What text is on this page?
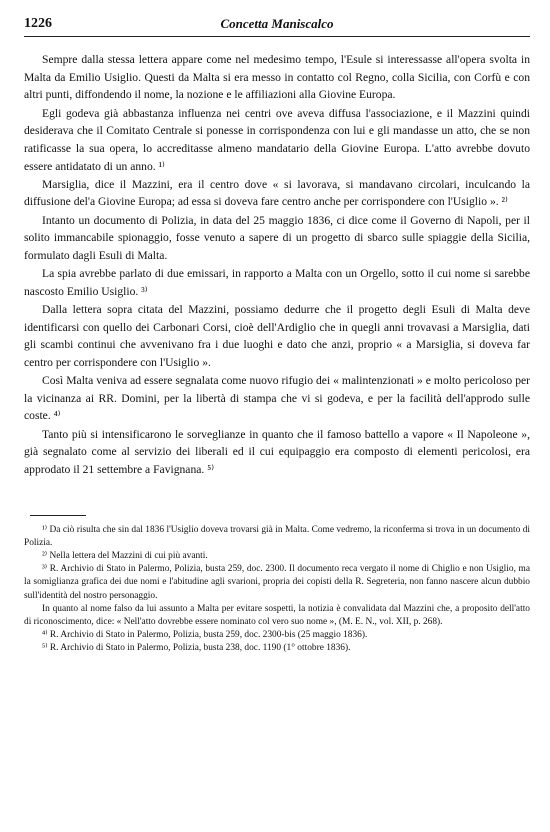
1226	Concetta Maniscalco

Sempre dalla stessa lettera appare come nel medesimo tempo, l'Esule si interessasse all'opera svolta in Malta da Emilio Usiglio. Questi da Malta si era messo in contatto col Regno, colla Sicilia, con Corfù e con altri punti, diffondendo il nome, la nozione e le affiliazioni alla Giovine Europa.

Egli godeva già abbastanza influenza nei centri ove aveva diffusa l'associazione, e il Mazzini quindi desiderava che il Comitato Centrale si ponesse in corrispondenza con lui e gli mandasse un atto, che se non ratificasse la sua opera, lo accreditasse almeno mandatario della Giovine Europa. L'atto avrebbe dovuto essere antidatato di un anno. ¹⁾

Marsiglia, dice il Mazzini, era il centro dove « si lavorava, si mandavano circolari, inculcando la diffusione del'a Giovine Europa; ad essa si doveva fare centro anche per corrispondere con l'Usiglio ». ²⁾

Intanto un documento di Polizia, in data del 25 maggio 1836, ci dice come il Governo di Napoli, per il solito immancabile spionaggio, fosse venuto a sapere di un progetto di sbarco sulle spiaggie della Sicilia, formulato dagli Esuli di Malta.

La spia avrebbe parlato di due emissari, in rapporto a Malta con un Orgello, sotto il cui nome si sarebbe nascosto Emilio Usiglio. ³⁾

Dalla lettera sopra citata del Mazzini, possiamo dedurre che il progetto degli Esuli di Malta deve identificarsi con quello dei Carbonari Corsi, cioè dell'Ardiglio che in quegli anni trovavasi a Marsiglia, dati gli scambi continui che avvenivano fra i due luoghi e dato che anzi, proprio « a Marsiglia, si doveva far centro per corrispondere con l'Usiglio ».

Così Malta veniva ad essere segnalata come nuovo rifugio dei « malintenzionati » e molto pericoloso per la vicinanza ai RR. Domini, per la libertà di stampa che vi si godeva, e per la facilità dell'approdo sulle coste. ⁴⁾

Tanto più si intensificarono le sorveglianze in quanto che il famoso battello a vapore « Il Napoleone », già segnalato come al servizio dei liberali ed il cui equipaggio era composto di elementi pericolosi, era approdato il 21 settembre a Favignana. ⁵⁾

¹⁾ Da ciò risulta che sin dal 1836 l'Usiglio doveva trovarsi già in Malta. Come vedremo, la riconferma si trova in un documento di Polizia.

²⁾ Nella lettera del Mazzini di cui più avanti.

³⁾ R. Archivio di Stato in Palermo, Polizia, busta 259, doc. 2300. Il documento reca vergato il nome di Chiglio e non Usiglio, ma la somiglianza grafica dei due nomi e l'abitudine agli svarioni, propria dei copisti della R. Segreteria, non fanno nascere alcun dubbio sull'identità del nostro personaggio.

In quanto al nome falso da lui assunto a Malta per evitare sospetti, la notizia è convalidata dal Mazzini che, a proposito dell'atto di riconoscimento, dice: « Nell'atto dovrebbe essere nominato col vero suo nome », (M. E. N., vol. XII, p. 268).

⁴⁾ R. Archivio di Stato in Palermo, Polizia, busta 259, doc. 2300-bis (25 maggio 1836).

⁵⁾ R. Archivio di Stato in Palermo, Polizia, busta 238, doc. 1190 (1° ottobre 1836).
